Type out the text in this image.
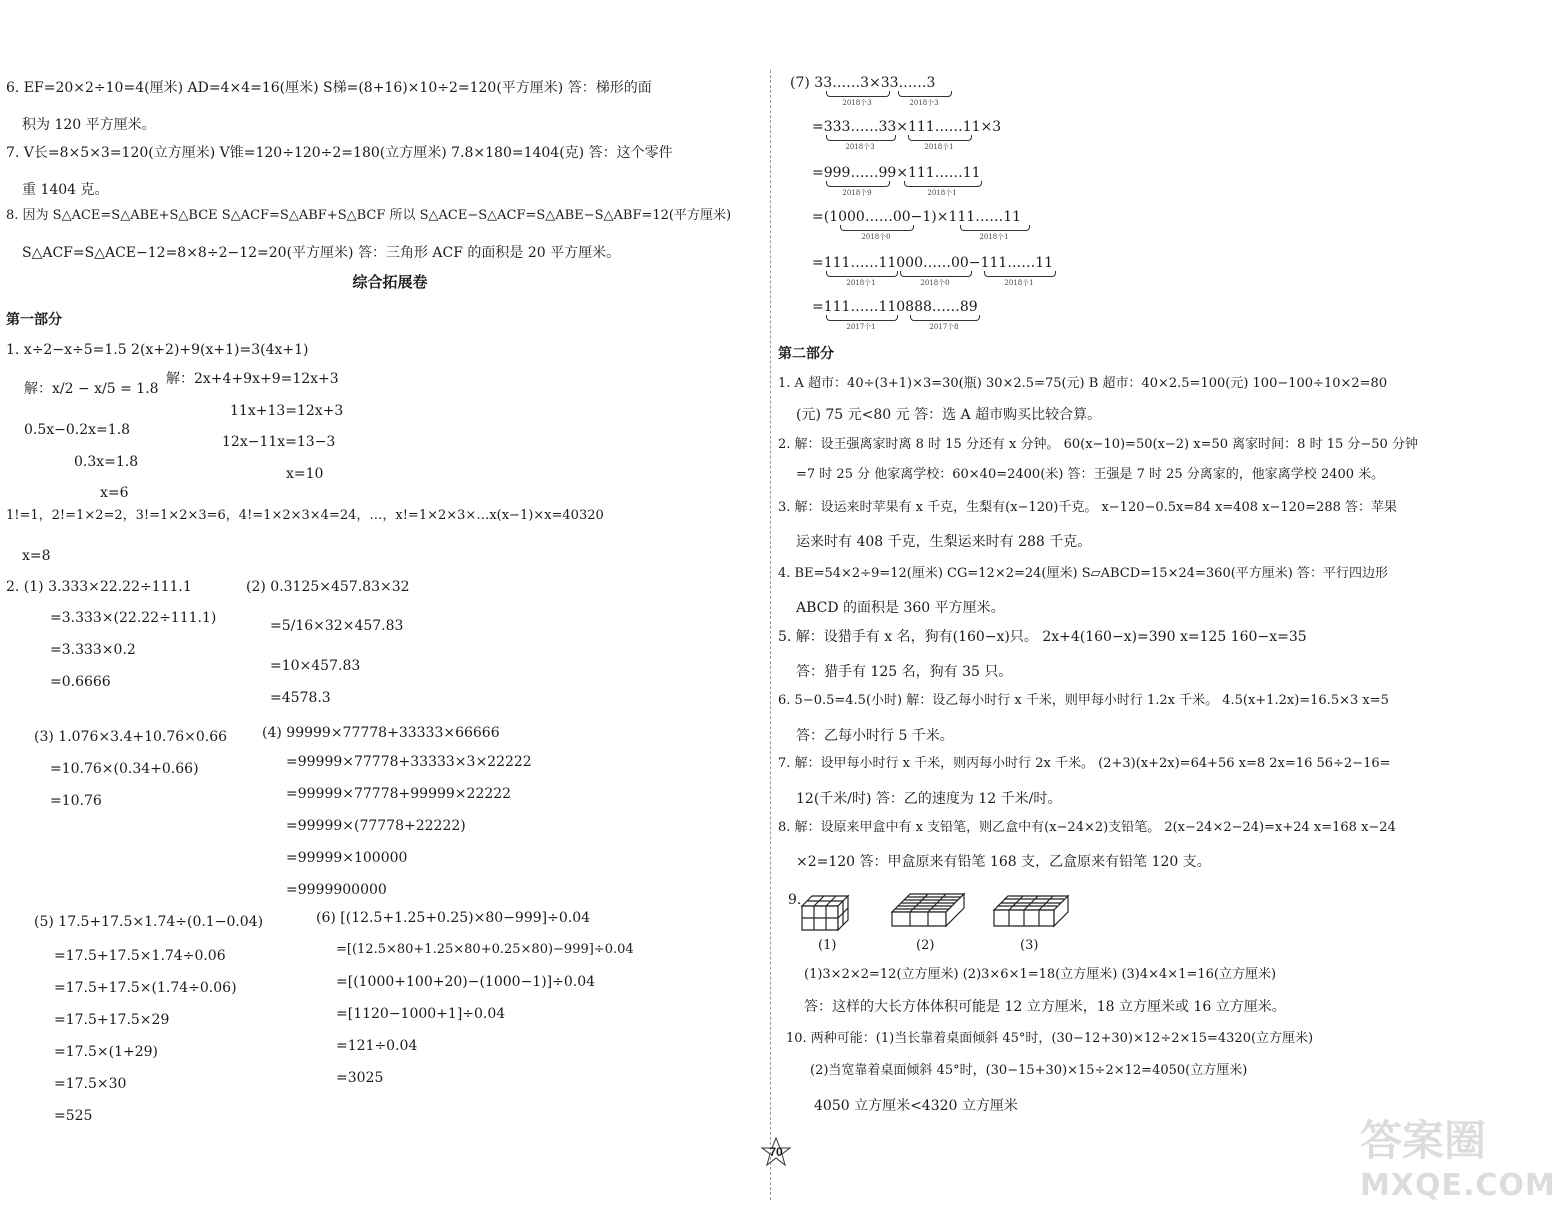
6. EF=20×2÷10=4(厘米) AD=4×4=16(厘米) S梯=(8+16)×10÷2=120(平方厘米) 答：梯形的面
积为 120 平方厘米。
7. V长=8×5×3=120(立方厘米) V锥=120÷120÷2=180(立方厘米) 7.8×180=1404(克) 答：这个零件
重 1404 克。
8. 因为 S△ACE=S△ABE+S△BCE S△ACF=S△ABF+S△BCF 所以 S△ACE−S△ACF=S△ABE−S△ABF=12(平方厘米)
S△ACF=S△ACE−12=8×8÷2−12=20(平方厘米) 答：三角形 ACF 的面积是 20 平方厘米。
综合拓展卷
第一部分
1. x÷2−x÷5=1.5 2(x+2)+9(x+1)=3(4x+1)
解：x/2 − x/5 = 1.8
0.5x−0.2x=1.8
0.3x=1.8
x=6
解：2x+4+9x+9=12x+3
11x+13=12x+3
12x−11x=13−3
x=10
1!=1，2!=1×2=2，3!=1×2×3=6，4!=1×2×3×4=24，…，x!=1×2×3×…x(x−1)×x=40320
x=8
2. (1) 3.333×22.22÷111.1
=3.333×(22.22÷111.1)
=3.333×0.2
=0.6666
(2) 0.3125×457.83×32
=5/16×32×457.83
=10×457.83
=4578.3
(3) 1.076×3.4+10.76×0.66
=10.76×(0.34+0.66)
=10.76
(4) 99999×77778+33333×66666
=99999×77778+33333×3×22222
=99999×77778+99999×22222
=99999×(77778+22222)
=99999×100000
=9999900000
(5) 17.5+17.5×1.74÷(0.1−0.04)
=17.5+17.5×1.74÷0.06
=17.5+17.5×(1.74÷0.06)
=17.5+17.5×29
=17.5×(1+29)
=17.5×30
=525
(6) [(12.5+1.25+0.25)×80−999]÷0.04
=[(12.5×80+1.25×80+0.25×80)−999]÷0.04
=[(1000+100+20)−(1000−1)]÷0.04
=[1120−1000+1]÷0.04
=121÷0.04
=3025
(7) 33……3×33……3
2018个3	2018个3
=333……33×111……11×3
2018个3	2018个1
=999……99×111……11
2018个9	2018个1
=(1000……00−1)×111……11
2018个0	2018个1
=111……11000……00−111……11
2018个1	2018个0	2018个1
=111……110888……89
2017个1	2017个8
第二部分
1. A 超市：40÷(3+1)×3=30(瓶) 30×2.5=75(元) B 超市：40×2.5=100(元) 100−100÷10×2=80
(元) 75 元<80 元 答：选 A 超市购买比较合算。
2. 解：设王强离家时离 8 时 15 分还有 x 分钟。 60(x−10)=50(x−2) x=50 离家时间：8 时 15 分−50 分钟
=7 时 25 分 他家离学校：60×40=2400(米) 答：王强是 7 时 25 分离家的，他家离学校 2400 米。
3. 解：设运来时苹果有 x 千克，生梨有(x−120)千克。 x−120−0.5x=84 x=408 x−120=288 答：苹果
运来时有 408 千克，生梨运来时有 288 千克。
4. BE=54×2÷9=12(厘米) CG=12×2=24(厘米) S▱ABCD=15×24=360(平方厘米) 答：平行四边形
ABCD 的面积是 360 平方厘米。
5. 解：设猎手有 x 名，狗有(160−x)只。 2x+4(160−x)=390 x=125 160−x=35
答：猎手有 125 名，狗有 35 只。
6. 5−0.5=4.5(小时) 解：设乙每小时行 x 千米，则甲每小时行 1.2x 千米。 4.5(x+1.2x)=16.5×3 x=5
答：乙每小时行 5 千米。
7. 解：设甲每小时行 x 千米，则丙每小时行 2x 千米。 (2+3)(x+2x)=64+56 x=8 2x=16 56÷2−16=
12(千米/时) 答：乙的速度为 12 千米/时。
8. 解：设原来甲盒中有 x 支铅笔，则乙盒中有(x−24×2)支铅笔。 2(x−24×2−24)=x+24 x=168 x−24
×2=120 答：甲盒原来有铅笔 168 支，乙盒原来有铅笔 120 支。
9.
(1)	(2)	(3)
(1)3×2×2=12(立方厘米) (2)3×6×1=18(立方厘米) (3)4×4×1=16(立方厘米)
答：这样的大长方体体积可能是 12 立方厘米，18 立方厘米或 16 立方厘米。
10. 两种可能：(1)当长靠着桌面倾斜 45°时，(30−12+30)×12÷2×15=4320(立方厘米)
(2)当宽靠着桌面倾斜 45°时，(30−15+30)×15÷2×12=4050(立方厘米)
4050 立方厘米<4320 立方厘米
70	答案圈
MXQE.COM
